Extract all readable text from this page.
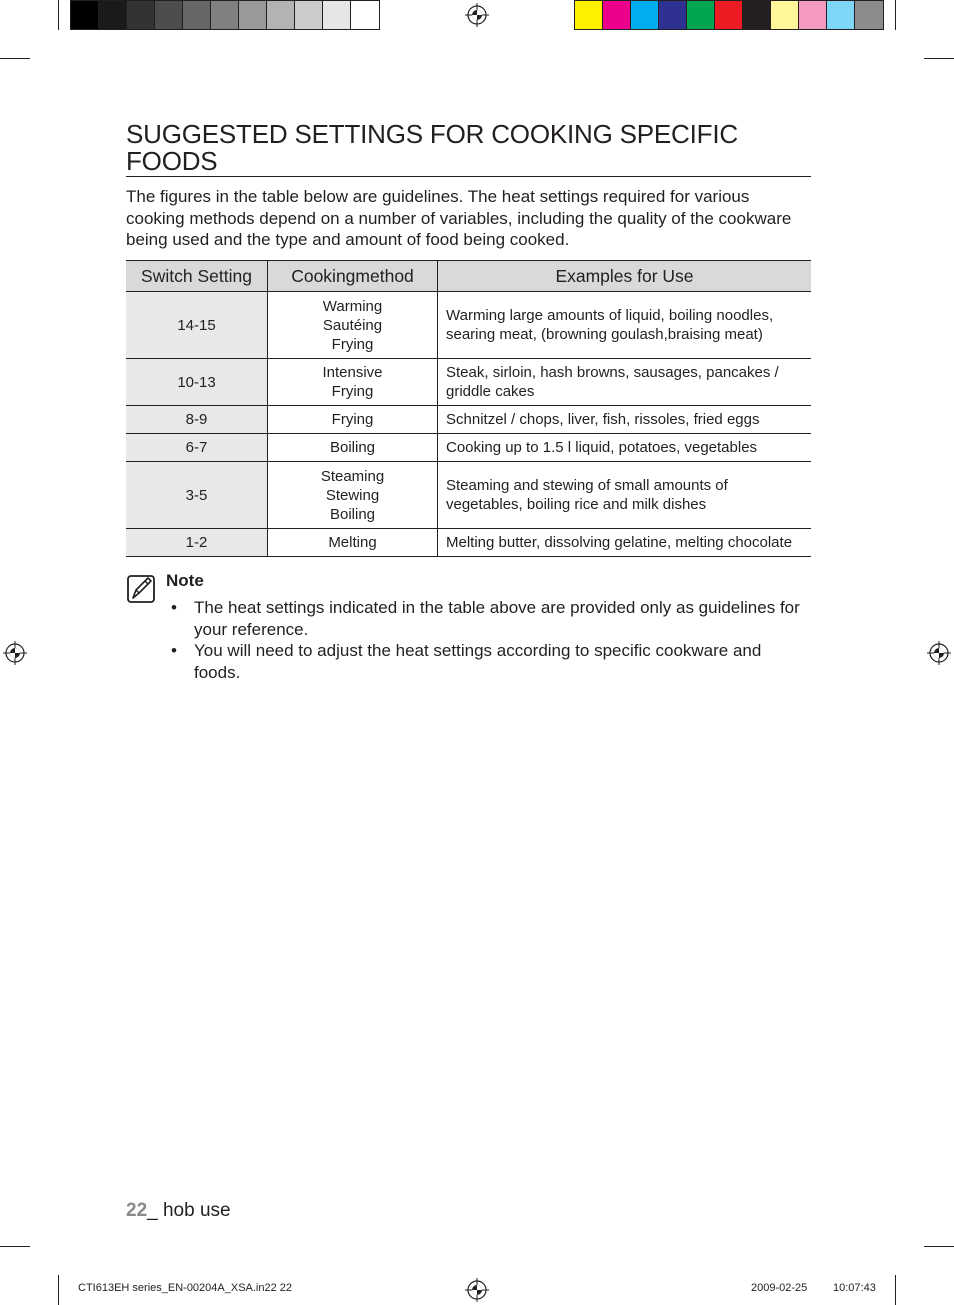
SUGGESTED SETTINGS FOR COOKING SPECIFIC FOODS

The figures in the table below are guidelines. The heat settings required for various cooking methods depend on a number of variables, including the quality of the cookware being used and the type and amount of food being cooked.

Switch Setting	Cookingmethod	Examples for Use
14-15	Warming
Sautéing
Frying	Warming large amounts of liquid, boiling noodles, searing meat, (browning goulash,braising meat)
10-13	Intensive
Frying	Steak, sirloin, hash browns, sausages, pancakes / griddle cakes
8-9	Frying	Schnitzel / chops, liver, fish, rissoles, fried eggs
6-7	Boiling	Cooking up to 1.5 l liquid, potatoes, vegetables
3-5	Steaming
Stewing
Boiling	Steaming and stewing of small amounts of vegetables, boiling rice and milk dishes
1-2	Melting	Melting butter, dissolving gelatine, melting chocolate
Note
• The heat settings indicated in the table above are provided only as guidelines for your reference.
• You will need to adjust the heat settings according to specific cookware and foods.
22_ hob use
CTI613EH series_EN-00204A_XSA.in22 22	2009-02-25 10:07:43
